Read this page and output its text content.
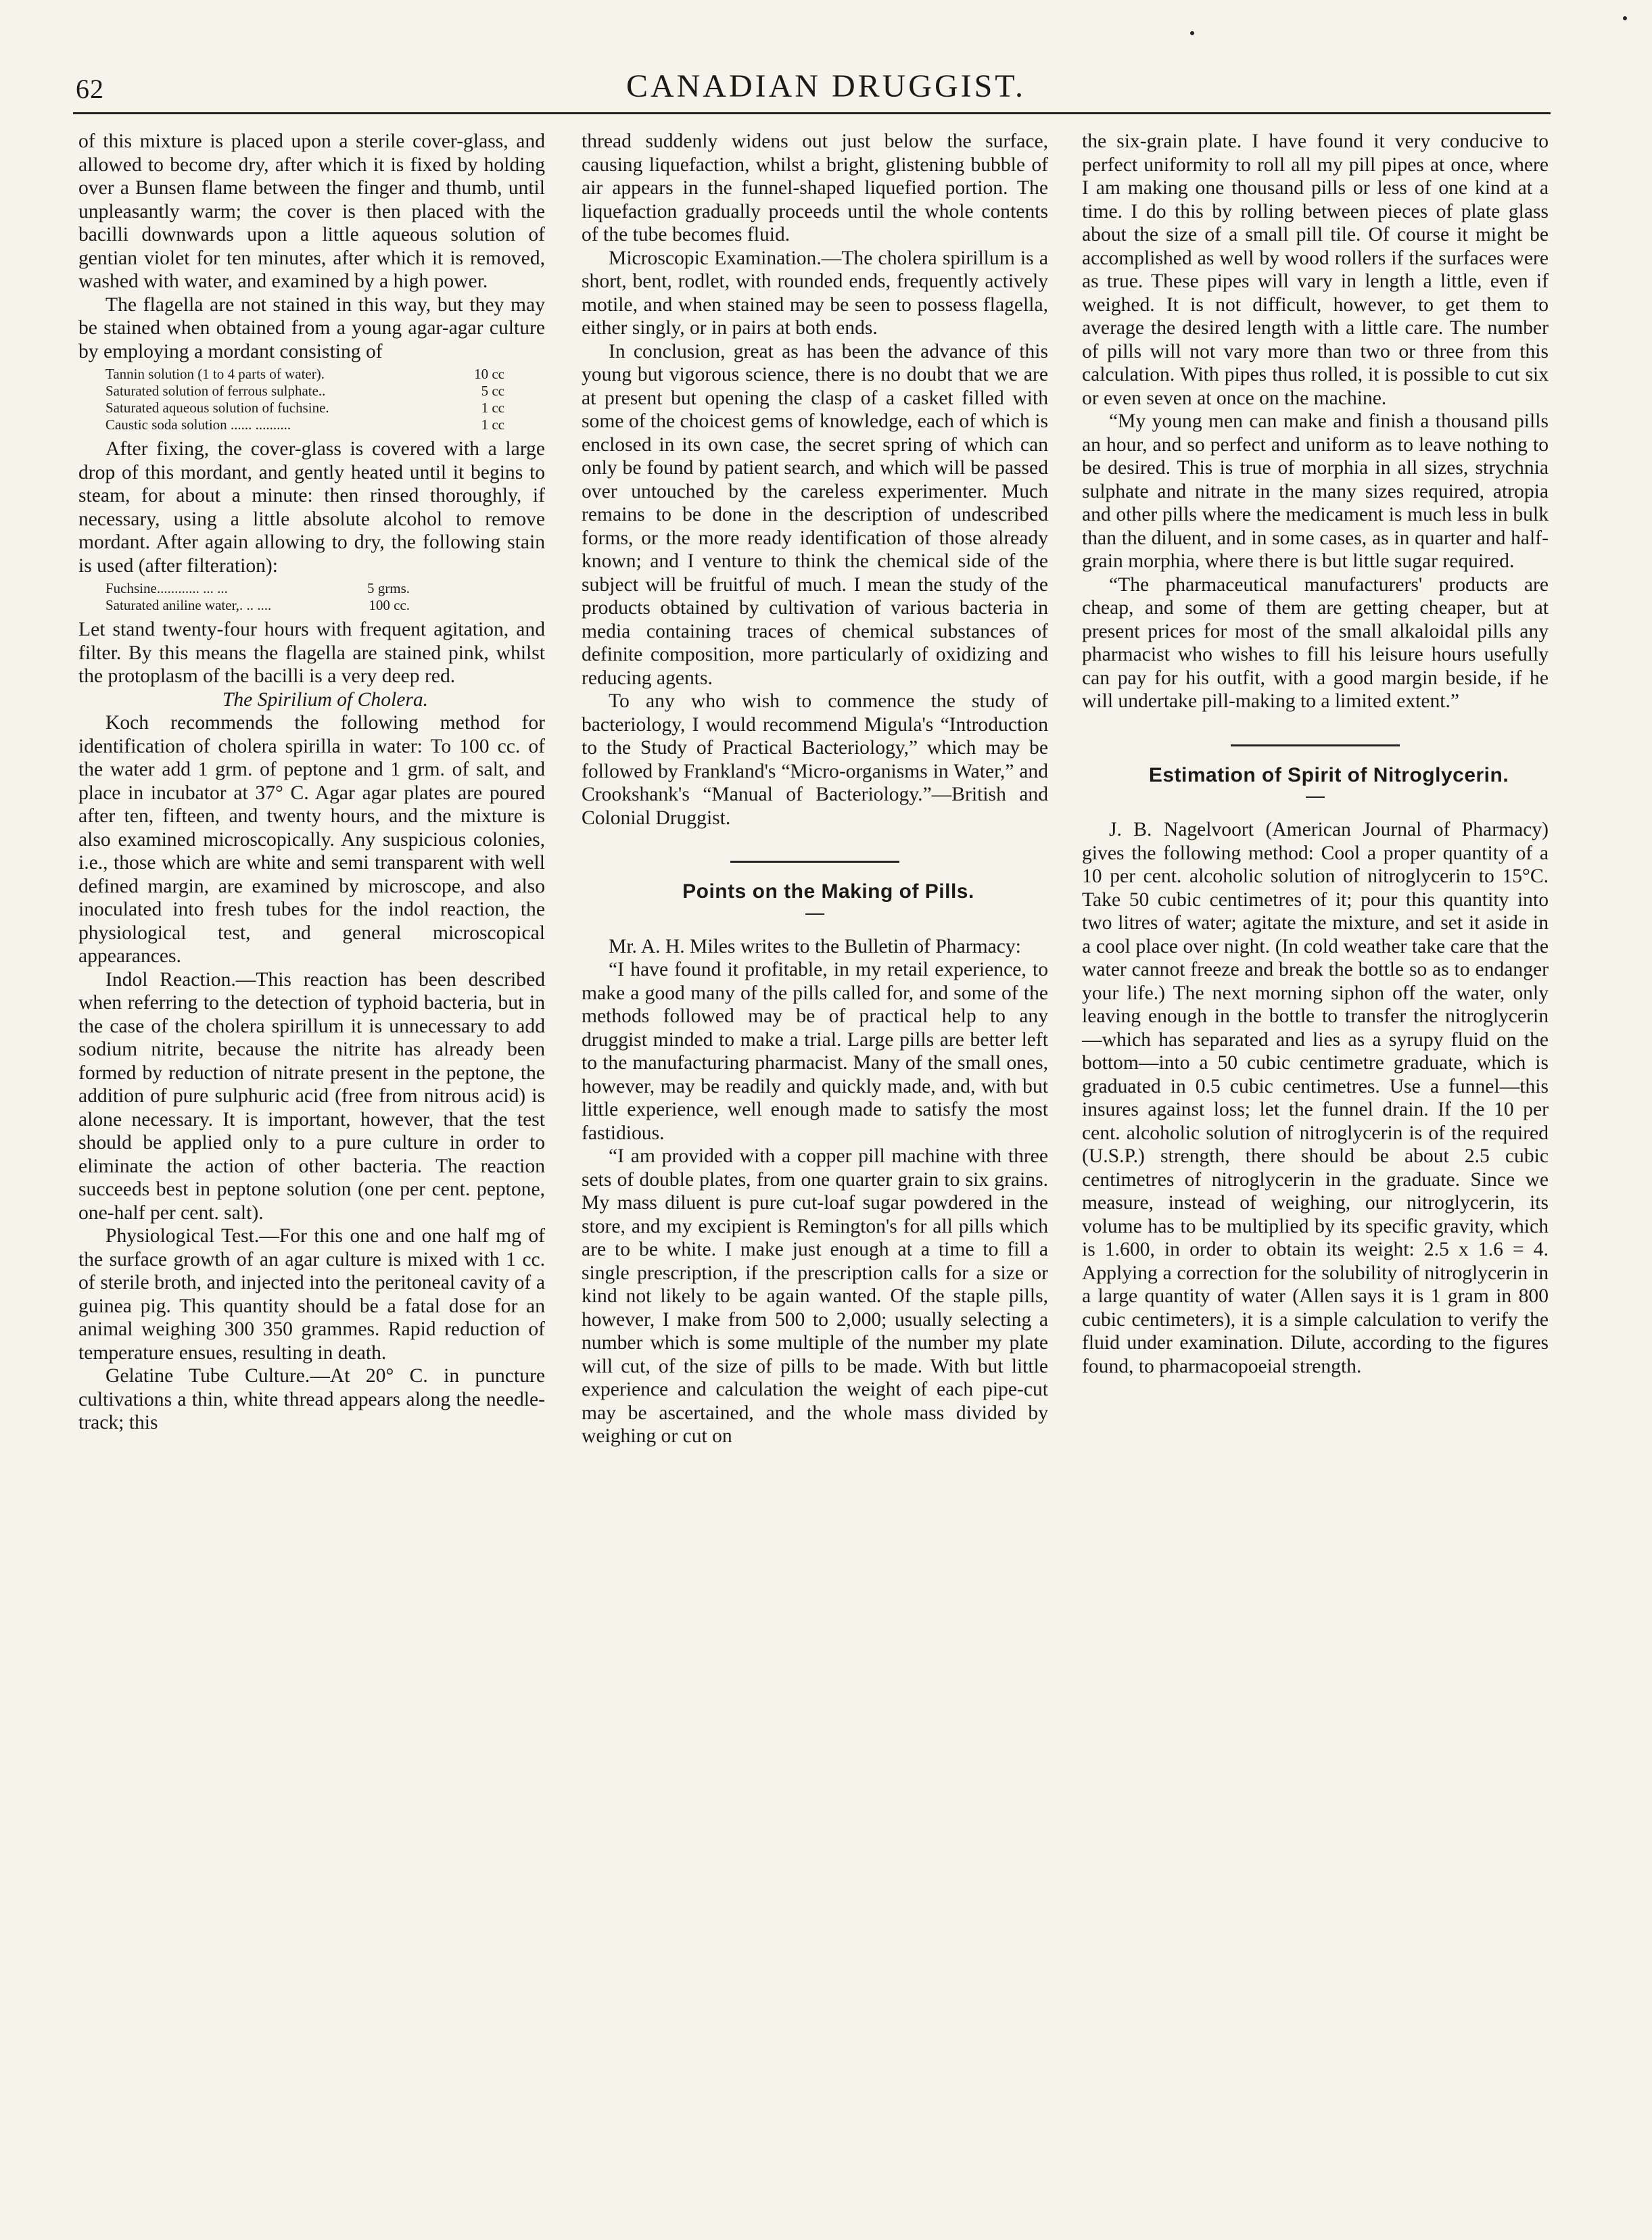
62	CANADIAN DRUGGIST.

of this mixture is placed upon a sterile cover-glass, and allowed to become dry, after which it is fixed by holding over a Bunsen flame between the finger and thumb, until unpleasantly warm; the cover is then placed with the bacilli downwards upon a little aqueous solution of gentian violet for ten minutes, after which it is removed, washed with water, and examined by a high power.

The flagella are not stained in this way, but they may be stained when obtained from a young agar-agar culture by employing a mordant consisting of

Tannin solution (1 to 4 parts of water).	10 cc
Saturated solution of ferrous sulphate..	5 cc
Saturated aqueous solution of fuchsine.	1 cc
Caustic soda solution ...... ..........	1 cc

After fixing, the cover-glass is covered with a large drop of this mordant, and gently heated until it begins to steam, for about a minute: then rinsed thoroughly, if necessary, using a little absolute alcohol to remove mordant. After again allowing to dry, the following stain is used (after filteration):

Fuchsine............ ... ...	5 grms.
Saturated aniline water,. .. ....	100 cc.

Let stand twenty-four hours with frequent agitation, and filter. By this means the flagella are stained pink, whilst the protoplasm of the bacilli is a very deep red.

The Spirilium of Cholera.

Koch recommends the following method for identification of cholera spirilla in water: To 100 cc. of the water add 1 grm. of peptone and 1 grm. of salt, and place in incubator at 37° C. Agar agar plates are poured after ten, fifteen, and twenty hours, and the mixture is also examined microscopically. Any suspicious colonies, i.e., those which are white and semi transparent with well defined margin, are examined by microscope, and also inoculated into fresh tubes for the indol reaction, the physiological test, and general microscopical appearances.

Indol Reaction.—This reaction has been described when referring to the detection of typhoid bacteria, but in the case of the cholera spirillum it is unnecessary to add sodium nitrite, because the nitrite has already been formed by reduction of nitrate present in the peptone, the addition of pure sulphuric acid (free from nitrous acid) is alone necessary. It is important, however, that the test should be applied only to a pure culture in order to eliminate the action of other bacteria. The reaction succeeds best in peptone solution (one per cent. peptone, one-half per cent. salt).

Physiological Test.—For this one and one half mg of the surface growth of an agar culture is mixed with 1 cc. of sterile broth, and injected into the peritoneal cavity of a guinea pig. This quantity should be a fatal dose for an animal weighing 300 350 grammes. Rapid reduction of temperature ensues, resulting in death.

Gelatine Tube Culture.—At 20° C. in puncture cultivations a thin, white thread appears along the needle-track; this

thread suddenly widens out just below the surface, causing liquefaction, whilst a bright, glistening bubble of air appears in the funnel-shaped liquefied portion. The liquefaction gradually proceeds until the whole contents of the tube becomes fluid.

Microscopic Examination.—The cholera spirillum is a short, bent, rodlet, with rounded ends, frequently actively motile, and when stained may be seen to possess flagella, either singly, or in pairs at both ends.

In conclusion, great as has been the advance of this young but vigorous science, there is no doubt that we are at present but opening the clasp of a casket filled with some of the choicest gems of knowledge, each of which is enclosed in its own case, the secret spring of which can only be found by patient search, and which will be passed over untouched by the careless experimenter. Much remains to be done in the description of undescribed forms, or the more ready identification of those already known; and I venture to think the chemical side of the subject will be fruitful of much. I mean the study of the products obtained by cultivation of various bacteria in media containing traces of chemical substances of definite composition, more particularly of oxidizing and reducing agents.

To any who wish to commence the study of bacteriology, I would recommend Migula's “Introduction to the Study of Practical Bacteriology,” which may be followed by Frankland's “Micro-organisms in Water,” and Crookshank's “Manual of Bacteriology.”—British and Colonial Druggist.

Points on the Making of Pills.

Mr. A. H. Miles writes to the Bulletin of Pharmacy:

“I have found it profitable, in my retail experience, to make a good many of the pills called for, and some of the methods followed may be of practical help to any druggist minded to make a trial. Large pills are better left to the manufacturing pharmacist. Many of the small ones, however, may be readily and quickly made, and, with but little experience, well enough made to satisfy the most fastidious.

“I am provided with a copper pill machine with three sets of double plates, from one quarter grain to six grains. My mass diluent is pure cut-loaf sugar powdered in the store, and my excipient is Remington's for all pills which are to be white. I make just enough at a time to fill a single prescription, if the prescription calls for a size or kind not likely to be again wanted. Of the staple pills, however, I make from 500 to 2,000; usually selecting a number which is some multiple of the number my plate will cut, of the size of pills to be made. With but little experience and calculation the weight of each pipe-cut may be ascertained, and the whole mass divided by weighing or cut on

the six-grain plate. I have found it very conducive to perfect uniformity to roll all my pill pipes at once, where I am making one thousand pills or less of one kind at a time. I do this by rolling between pieces of plate glass about the size of a small pill tile. Of course it might be accomplished as well by wood rollers if the surfaces were as true. These pipes will vary in length a little, even if weighed. It is not difficult, however, to get them to average the desired length with a little care. The number of pills will not vary more than two or three from this calculation. With pipes thus rolled, it is possible to cut six or even seven at once on the machine.

“My young men can make and finish a thousand pills an hour, and so perfect and uniform as to leave nothing to be desired. This is true of morphia in all sizes, strychnia sulphate and nitrate in the many sizes required, atropia and other pills where the medicament is much less in bulk than the diluent, and in some cases, as in quarter and half-grain morphia, where there is but little sugar required.

“The pharmaceutical manufacturers' products are cheap, and some of them are getting cheaper, but at present prices for most of the small alkaloidal pills any pharmacist who wishes to fill his leisure hours usefully can pay for his outfit, with a good margin beside, if he will undertake pill-making to a limited extent.”

Estimation of Spirit of Nitroglycerin.

J. B. Nagelvoort (American Journal of Pharmacy) gives the following method: Cool a proper quantity of a 10 per cent. alcoholic solution of nitroglycerin to 15°C. Take 50 cubic centimetres of it; pour this quantity into two litres of water; agitate the mixture, and set it aside in a cool place over night. (In cold weather take care that the water cannot freeze and break the bottle so as to endanger your life.) The next morning siphon off the water, only leaving enough in the bottle to transfer the nitroglycerin—which has separated and lies as a syrupy fluid on the bottom—into a 50 cubic centimetre graduate, which is graduated in 0.5 cubic centimetres. Use a funnel—this insures against loss; let the funnel drain. If the 10 per cent. alcoholic solution of nitroglycerin is of the required (U.S.P.) strength, there should be about 2.5 cubic centimetres of nitroglycerin in the graduate. Since we measure, instead of weighing, our nitroglycerin, its volume has to be multiplied by its specific gravity, which is 1.600, in order to obtain its weight: 2.5 x 1.6 = 4. Applying a correction for the solubility of nitroglycerin in a large quantity of water (Allen says it is 1 gram in 800 cubic centimeters), it is a simple calculation to verify the fluid under examination. Dilute, according to the figures found, to pharmacopoeial strength.
